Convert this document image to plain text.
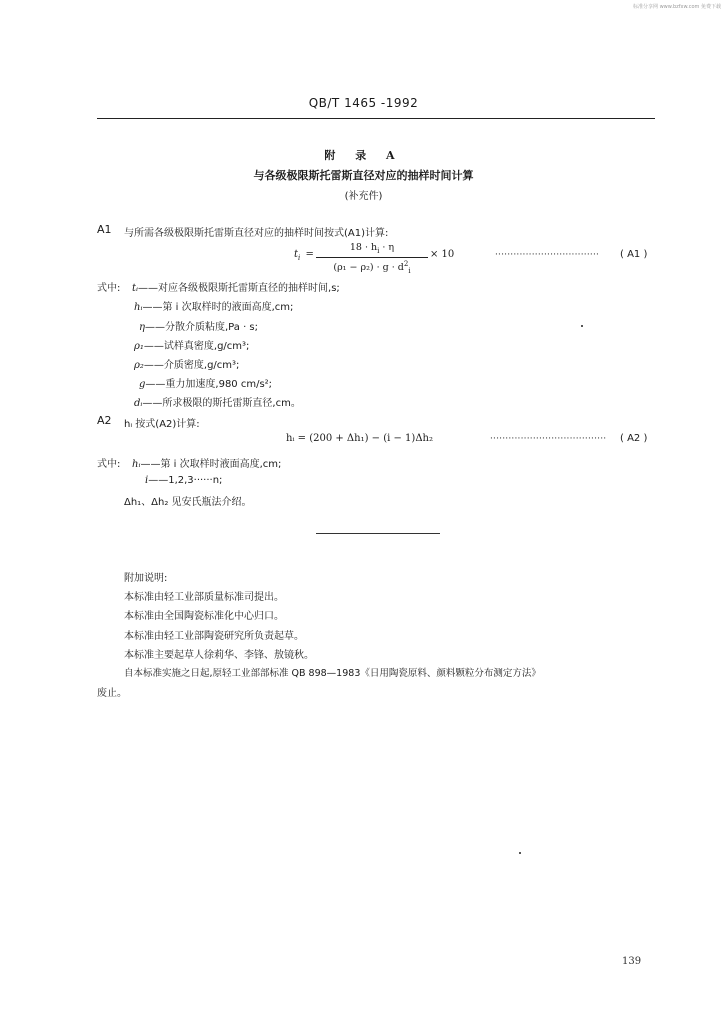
标准分享网 www.bzfxw.com 免费下载
QB/T 1465 -1992
附 录 A
与各级极限斯托雷斯直径对应的抽样时间计算
(补充件)
A1 与所需各级极限斯托雷斯直径对应的抽样时间按式(A1)计算:
$t_i$ =
$18 \cdot h_i \cdot \eta$
$(\rho_1 - \rho_2) \cdot g \cdot d^2_i$
× 10	·································· ( A1 )
式中: tᵢ——对应各级极限斯托雷斯直径的抽样时间,s;
hᵢ——第 i 次取样时的液面高度,cm;
η——分散介质粘度,Pa · s;
ρ₁——试样真密度,g/cm³;
ρ₂——介质密度,g/cm³;
g——重力加速度,980 cm/s²;
dᵢ——所求极限的斯托雷斯直径,cm。
A2 hᵢ 按式(A2)计算:
hᵢ = (200 + Δh₁) − (i − 1)Δh₂	······································ ( A2 )
式中: hᵢ——第 i 次取样时液面高度,cm;
i——1,2,3······n;
Δh₁、Δh₂ 见安氏瓶法介绍。
附加说明:
本标准由轻工业部质量标准司提出。
本标准由全国陶瓷标准化中心归口。
本标准由轻工业部陶瓷研究所负责起草。
本标准主要起草人徐莉华、李锋、敖镜秋。
自本标准实施之日起,原轻工业部部标准 QB 898—1983《日用陶瓷原料、颜料颗粒分布测定方法》
废止。
139
